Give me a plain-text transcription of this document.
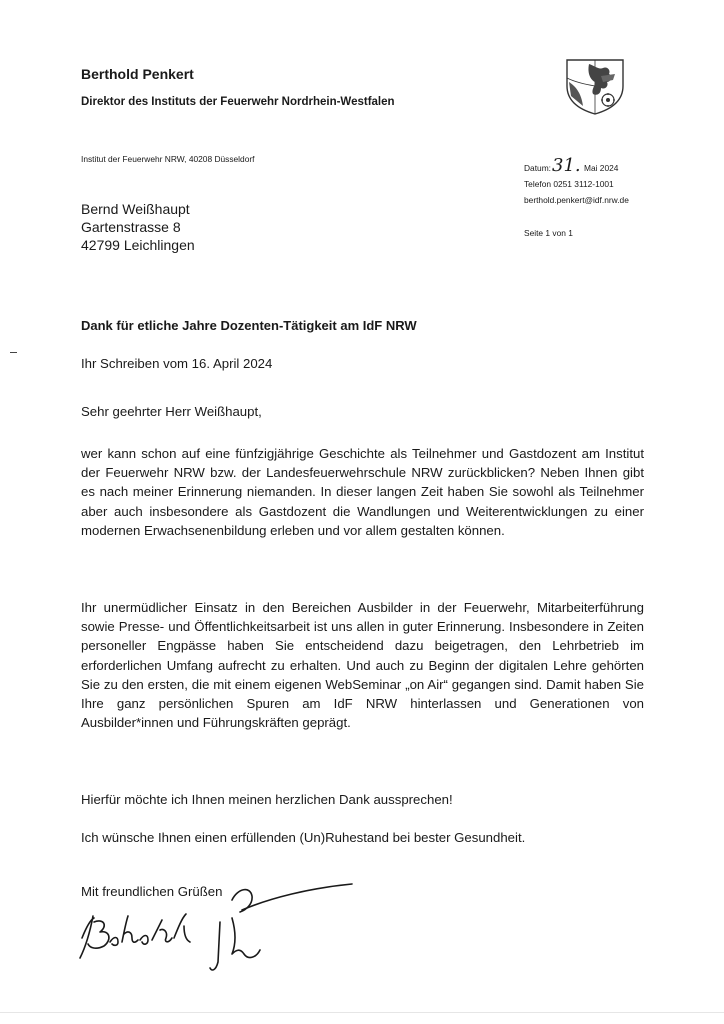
Berthold Penkert
Direktor des Instituts der Feuerwehr Nordrhein-Westfalen
Institut der Feuerwehr NRW, 40208 Düsseldorf
Datum:31. Mai 2024
Telefon 0251 3112-1001
berthold.penkert@idf.nrw.de
Seite 1 von 1
Bernd Weißhaupt
Gartenstrasse 8
42799 Leichlingen
Dank für etliche Jahre Dozenten-Tätigkeit am IdF NRW
Ihr Schreiben vom 16. April 2024
Sehr geehrter Herr Weißhaupt,

wer kann schon auf eine fünfzigjährige Geschichte als Teilnehmer und Gastdozent am Institut der Feuerwehr NRW bzw. der Landesfeuerwehrschule NRW zurückblicken? Neben Ihnen gibt es nach meiner Erinnerung niemanden. In dieser langen Zeit haben Sie sowohl als Teilnehmer aber auch insbesondere als Gastdozent die Wandlungen und Weiterentwicklungen zu einer modernen Erwachsenenbildung erleben und vor allem gestalten können.

Ihr unermüdlicher Einsatz in den Bereichen Ausbilder in der Feuerwehr, Mitarbeiterführung sowie Presse- und Öffentlichkeitsarbeit ist uns allen in guter Erinnerung. Insbesondere in Zeiten personeller Engpässe haben Sie entscheidend dazu beigetragen, den Lehrbetrieb im erforderlichen Umfang aufrecht zu erhalten. Und auch zu Beginn der digitalen Lehre gehörten Sie zu den ersten, die mit einem eigenen WebSeminar „on Air“ gegangen sind. Damit haben Sie Ihre ganz persönlichen Spuren am IdF NRW hinterlassen und Generationen von Ausbilder*innen und Führungskräften geprägt.

Hierfür möchte ich Ihnen meinen herzlichen Dank aussprechen!

Ich wünsche Ihnen einen erfüllenden (Un)Ruhestand bei bester Gesundheit.

Mit freundlichen Grüßen
